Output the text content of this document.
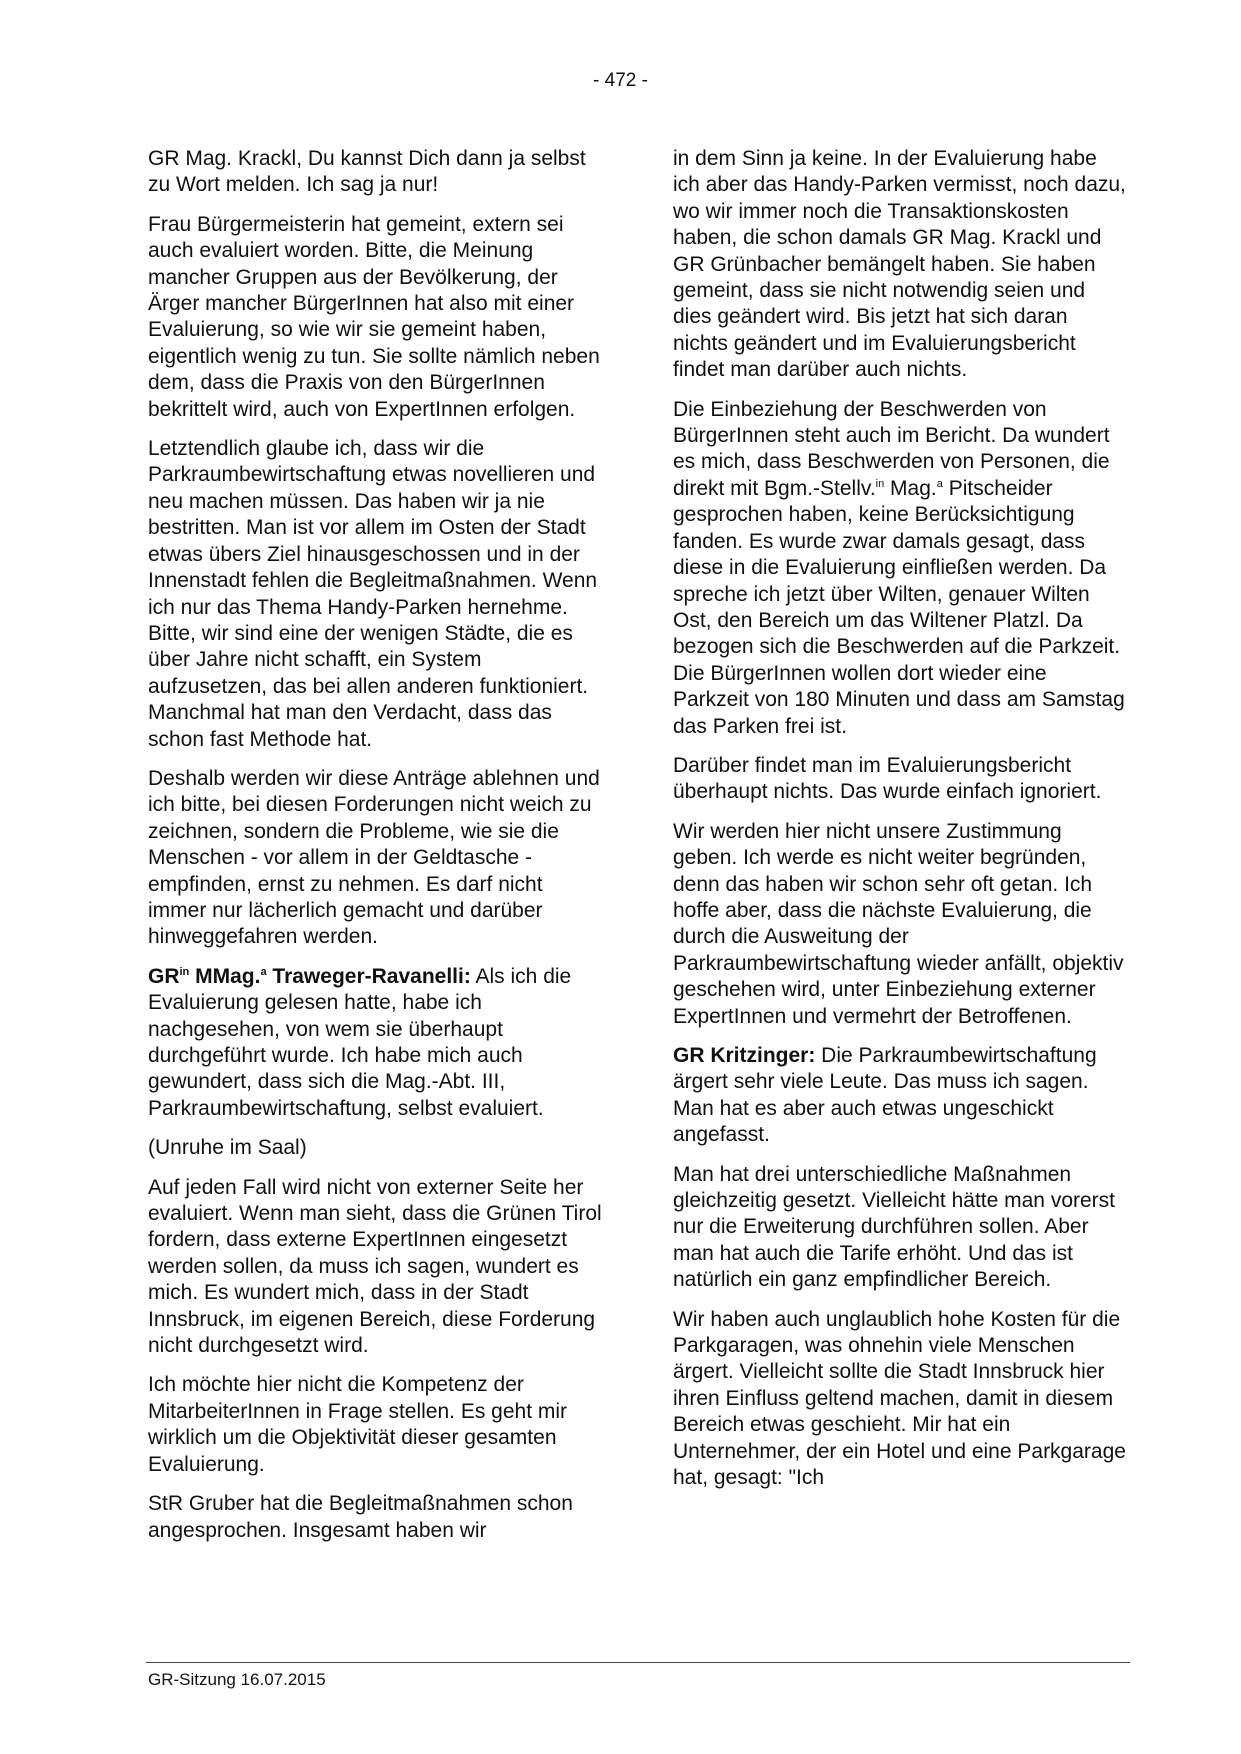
- 472 -

GR Mag. Krackl, Du kannst Dich dann ja selbst zu Wort melden. Ich sag ja nur!

Frau Bürgermeisterin hat gemeint, extern sei auch evaluiert worden. Bitte, die Meinung mancher Gruppen aus der Bevölkerung, der Ärger mancher BürgerInnen hat also mit einer Evaluierung, so wie wir sie gemeint haben, eigentlich wenig zu tun. Sie sollte nämlich neben dem, dass die Praxis von den BürgerInnen bekrittelt wird, auch von ExpertInnen erfolgen.

Letztendlich glaube ich, dass wir die Parkraumbewirtschaftung etwas novellieren und neu machen müssen. Das haben wir ja nie bestritten. Man ist vor allem im Osten der Stadt etwas übers Ziel hinausgeschossen und in der Innenstadt fehlen die Begleitmaßnahmen. Wenn ich nur das Thema Handy-Parken hernehme. Bitte, wir sind eine der wenigen Städte, die es über Jahre nicht schafft, ein System aufzusetzen, das bei allen anderen funktioniert. Manchmal hat man den Verdacht, dass das schon fast Methode hat.

Deshalb werden wir diese Anträge ablehnen und ich bitte, bei diesen Forderungen nicht weich zu zeichnen, sondern die Probleme, wie sie die Menschen - vor allem in der Geldtasche - empfinden, ernst zu nehmen. Es darf nicht immer nur lächerlich gemacht und darüber hinweggefahren werden.

$GR^{in}$ MMag.$^a$ Traweger-Ravanelli: Als ich die Evaluierung gelesen hatte, habe ich nachgesehen, von wem sie überhaupt durchgeführt wurde. Ich habe mich auch gewundert, dass sich die Mag.-Abt. III, Parkraumbewirtschaftung, selbst evaluiert.

(Unruhe im Saal)

Auf jeden Fall wird nicht von externer Seite her evaluiert. Wenn man sieht, dass die Grünen Tirol fordern, dass externe ExpertInnen eingesetzt werden sollen, da muss ich sagen, wundert es mich. Es wundert mich, dass in der Stadt Innsbruck, im eigenen Bereich, diese Forderung nicht durchgesetzt wird.

Ich möchte hier nicht die Kompetenz der MitarbeiterInnen in Frage stellen. Es geht mir wirklich um die Objektivität dieser gesamten Evaluierung.

StR Gruber hat die Begleitmaßnahmen schon angesprochen. Insgesamt haben wir

in dem Sinn ja keine. In der Evaluierung habe ich aber das Handy-Parken vermisst, noch dazu, wo wir immer noch die Transaktionskosten haben, die schon damals GR Mag. Krackl und GR Grünbacher bemängelt haben. Sie haben gemeint, dass sie nicht notwendig seien und dies geändert wird. Bis jetzt hat sich daran nichts geändert und im Evaluierungsbericht findet man darüber auch nichts.

Die Einbeziehung der Beschwerden von BürgerInnen steht auch im Bericht. Da wundert es mich, dass Beschwerden von Personen, die direkt mit Bgm.-Stellv.$^{in}$ Mag.$^a$ Pitscheider gesprochen haben, keine Berücksichtigung fanden. Es wurde zwar damals gesagt, dass diese in die Evaluierung einfließen werden. Da spreche ich jetzt über Wilten, genauer Wilten Ost, den Bereich um das Wiltener Platzl. Da bezogen sich die Beschwerden auf die Parkzeit. Die BürgerInnen wollen dort wieder eine Parkzeit von 180 Minuten und dass am Samstag das Parken frei ist.

Darüber findet man im Evaluierungsbericht überhaupt nichts. Das wurde einfach ignoriert.

Wir werden hier nicht unsere Zustimmung geben. Ich werde es nicht weiter begründen, denn das haben wir schon sehr oft getan. Ich hoffe aber, dass die nächste Evaluierung, die durch die Ausweitung der Parkraumbewirtschaftung wieder anfällt, objektiv geschehen wird, unter Einbeziehung externer ExpertInnen und vermehrt der Betroffenen.

GR Kritzinger: Die Parkraumbewirtschaftung ärgert sehr viele Leute. Das muss ich sagen. Man hat es aber auch etwas ungeschickt angefasst.

Man hat drei unterschiedliche Maßnahmen gleichzeitig gesetzt. Vielleicht hätte man vorerst nur die Erweiterung durchführen sollen. Aber man hat auch die Tarife erhöht. Und das ist natürlich ein ganz empfindlicher Bereich.

Wir haben auch unglaublich hohe Kosten für die Parkgaragen, was ohnehin viele Menschen ärgert. Vielleicht sollte die Stadt Innsbruck hier ihren Einfluss geltend machen, damit in diesem Bereich etwas geschieht. Mir hat ein Unternehmer, der ein Hotel und eine Parkgarage hat, gesagt: "Ich

GR-Sitzung 16.07.2015
